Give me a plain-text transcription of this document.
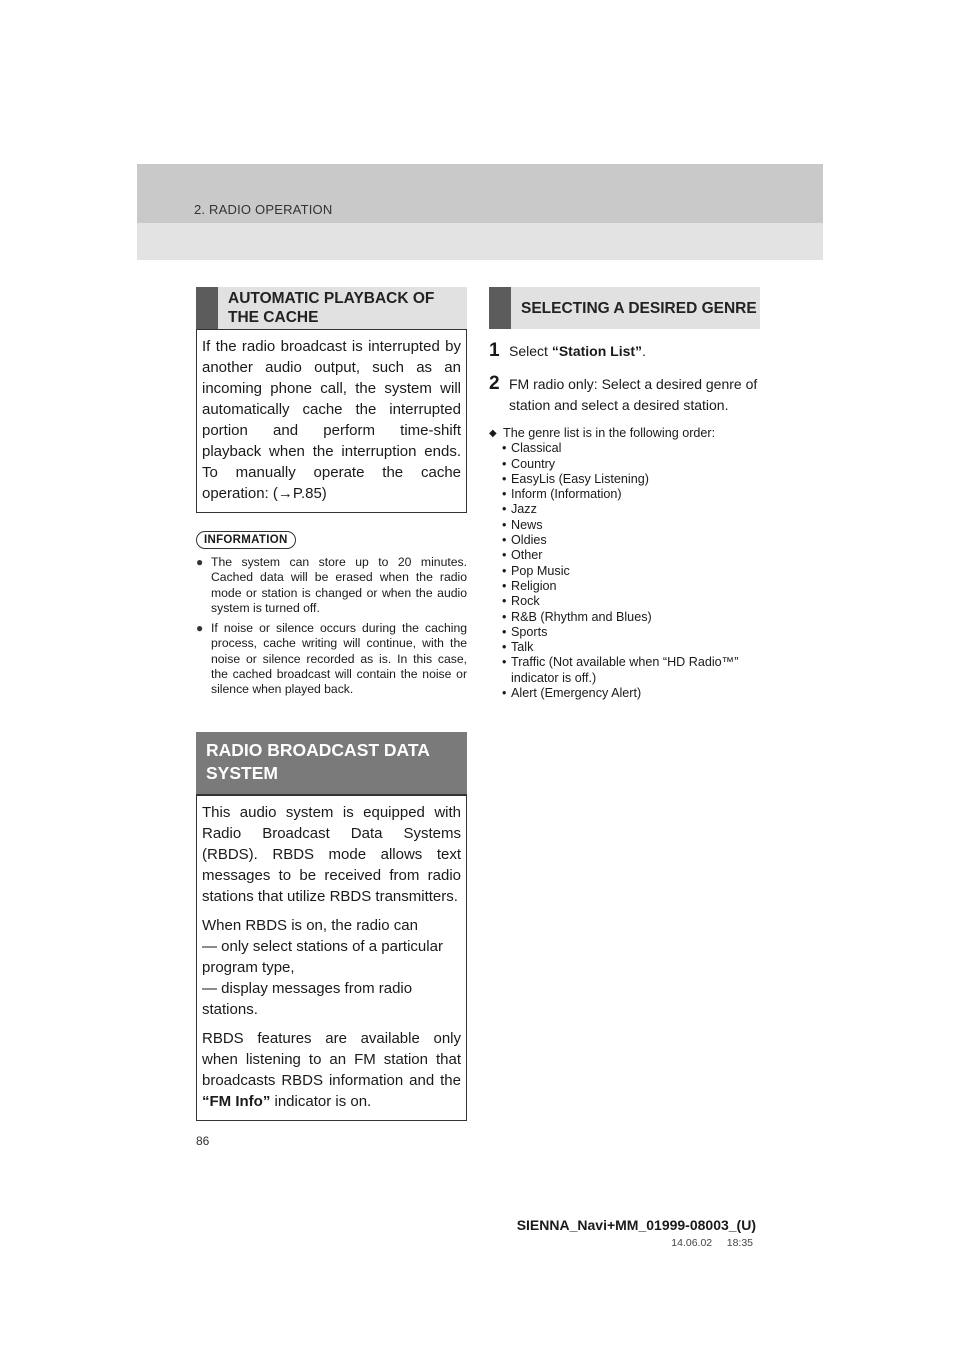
2. RADIO OPERATION
AUTOMATIC PLAYBACK OF THE CACHE

If the radio broadcast is interrupted by another audio output, such as an incoming phone call, the system will automatically cache the interrupted portion and perform time-shift playback when the interruption ends. To manually operate the cache operation: (→P.85)

INFORMATION
● The system can store up to 20 minutes. Cached data will be erased when the radio mode or station is changed or when the audio system is turned off.
● If noise or silence occurs during the caching process, cache writing will continue, with the noise or silence recorded as is. In this case, the cached broadcast will contain the noise or silence when played back.
RADIO BROADCAST DATA SYSTEM

This audio system is equipped with Radio Broadcast Data Systems (RBDS). RBDS mode allows text messages to be received from radio stations that utilize RBDS transmitters.

When RBDS is on, the radio can
— only select stations of a particular program type,
— display messages from radio stations.

RBDS features are available only when listening to an FM station that broadcasts RBDS information and the “FM Info” indicator is on.

SELECTING A DESIRED GENRE
1 Select “Station List”.
2 FM radio only: Select a desired genre of station and select a desired station.
◆ The genre list is in the following order:
• Classical
• Country
• EasyLis (Easy Listening)
• Inform (Information)
• Jazz
• News
• Oldies
• Other
• Pop Music
• Religion
• Rock
• R&B (Rhythm and Blues)
• Sports
• Talk
• Traffic (Not available when “HD Radio™” indicator is off.)
• Alert (Emergency Alert)
86
SIENNA_Navi+MM_01999-08003_(U)
14.06.02     18:35
